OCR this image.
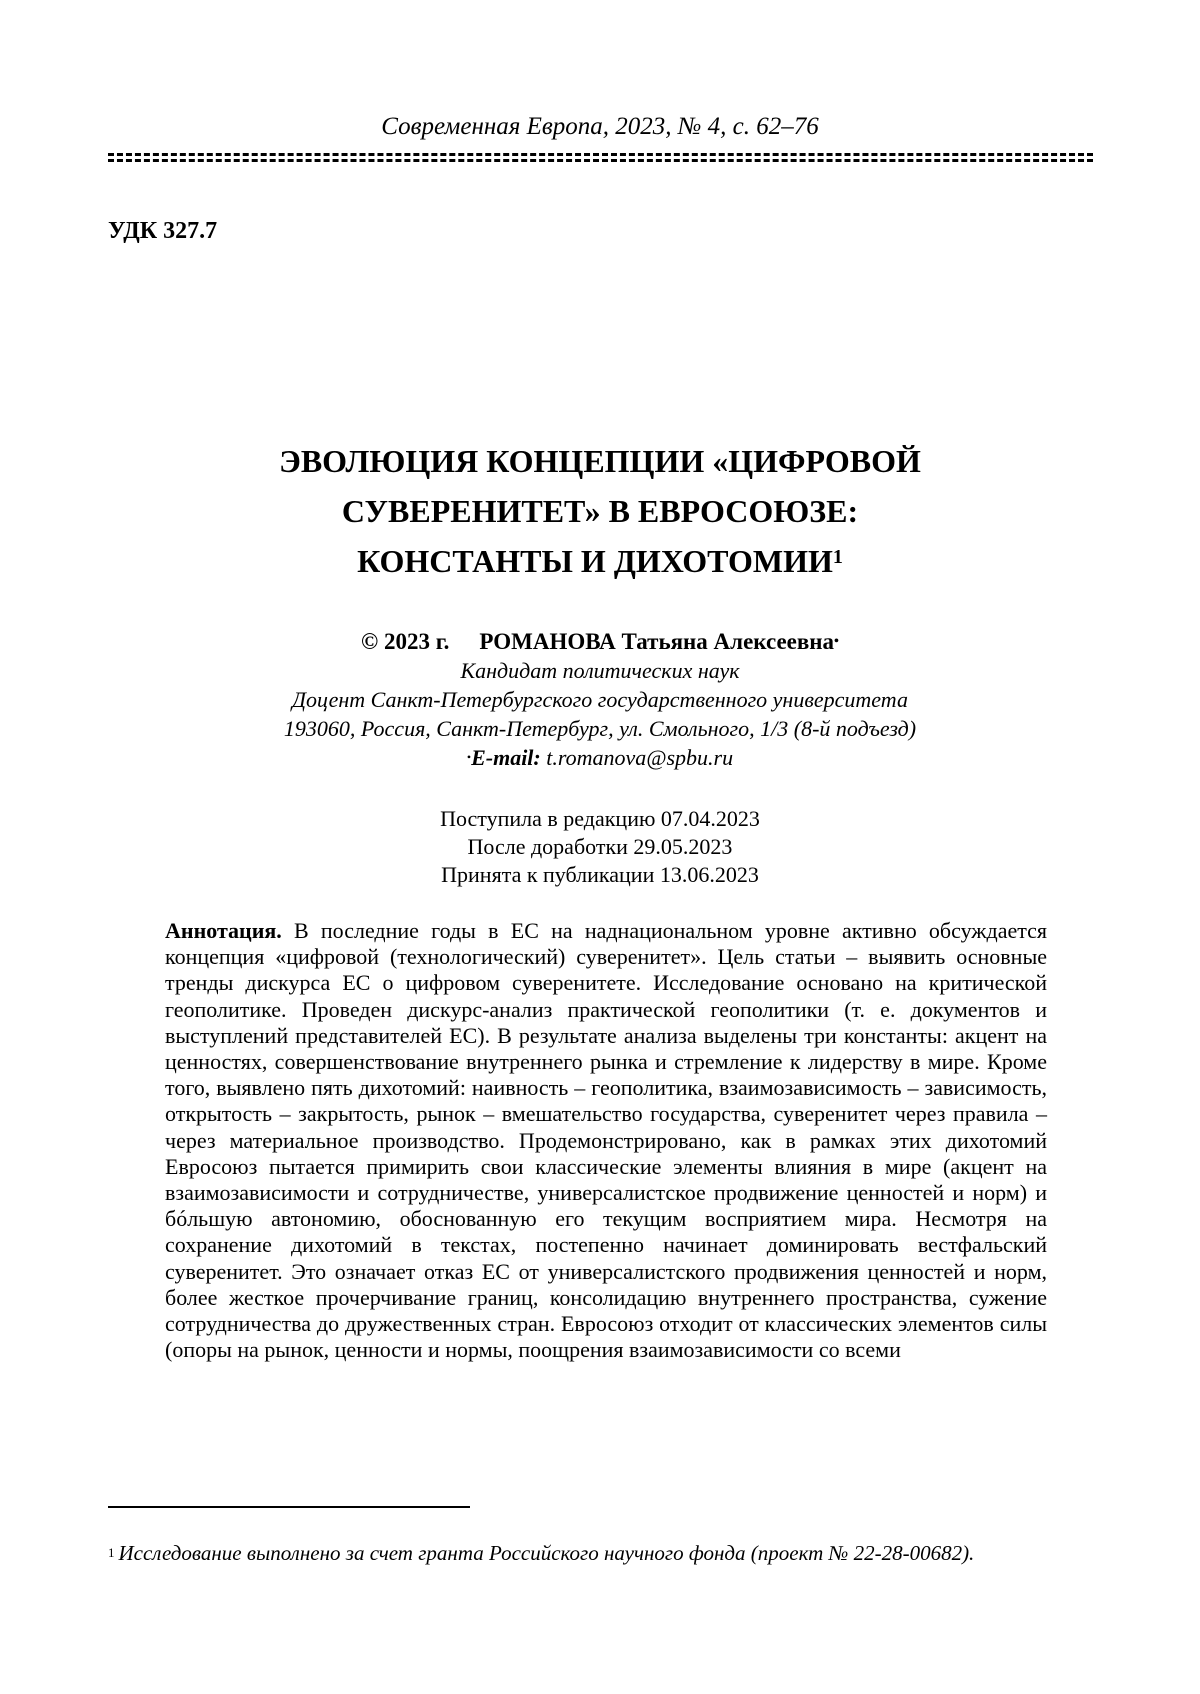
Современная Европа, 2023, № 4, с. 62–76
УДК 327.7
ЭВОЛЮЦИЯ КОНЦЕПЦИИ «ЦИФРОВОЙ
СУВЕРЕНИТЕТ» В ЕВРОСОЮЗЕ:
КОНСТАНТЫ И ДИХОТОМИИ$^1$
© 2023 г. РОМАНОВА Татьяна Алексеевна•
Кандидат политических наук
Доцент Санкт-Петербургского государственного университета
193060, Россия, Санкт-Петербург, ул. Смольного, 1/3 (8-й подъезд)
•E-mail: t.romanova@spbu.ru
Поступила в редакцию 07.04.2023
После доработки 29.05.2023
Принята к публикации 13.06.2023
Аннотация. В последние годы в ЕС на наднациональном уровне активно обсуждается концепция «цифровой (технологический) суверенитет». Цель статьи – выявить основные тренды дискурса ЕС о цифровом суверенитете. Исследование основано на критической геополитике. Проведен дискурс-анализ практической геополитики (т. е. документов и выступлений представителей ЕС). В результате анализа выделены три константы: акцент на ценностях, совершенствование внутреннего рынка и стремление к лидерству в мире. Кроме того, выявлено пять дихотомий: наивность – геополитика, взаимозависимость – зависимость, открытость – закрытость, рынок – вмешательство государства, суверенитет через правила – через материальное производство. Продемонстрировано, как в рамках этих дихотомий Евросоюз пытается примирить свои классические элементы влияния в мире (акцент на взаимозависимости и сотрудничестве, универсалистское продвижение ценностей и норм) и бóльшую автономию, обоснованную его текущим восприятием мира. Несмотря на сохранение дихотомий в текстах, постепенно начинает доминировать вестфальский суверенитет. Это означает отказ ЕС от универсалистского продвижения ценностей и норм, более жесткое прочерчивание границ, консолидацию внутреннего пространства, сужение сотрудничества до дружественных стран. Евросоюз отходит от классических элементов силы (опоры на рынок, ценности и нормы, поощрения взаимозависимости со всеми
$^1$ Исследование выполнено за счет гранта Российского научного фонда (проект № 22-28-00682).
